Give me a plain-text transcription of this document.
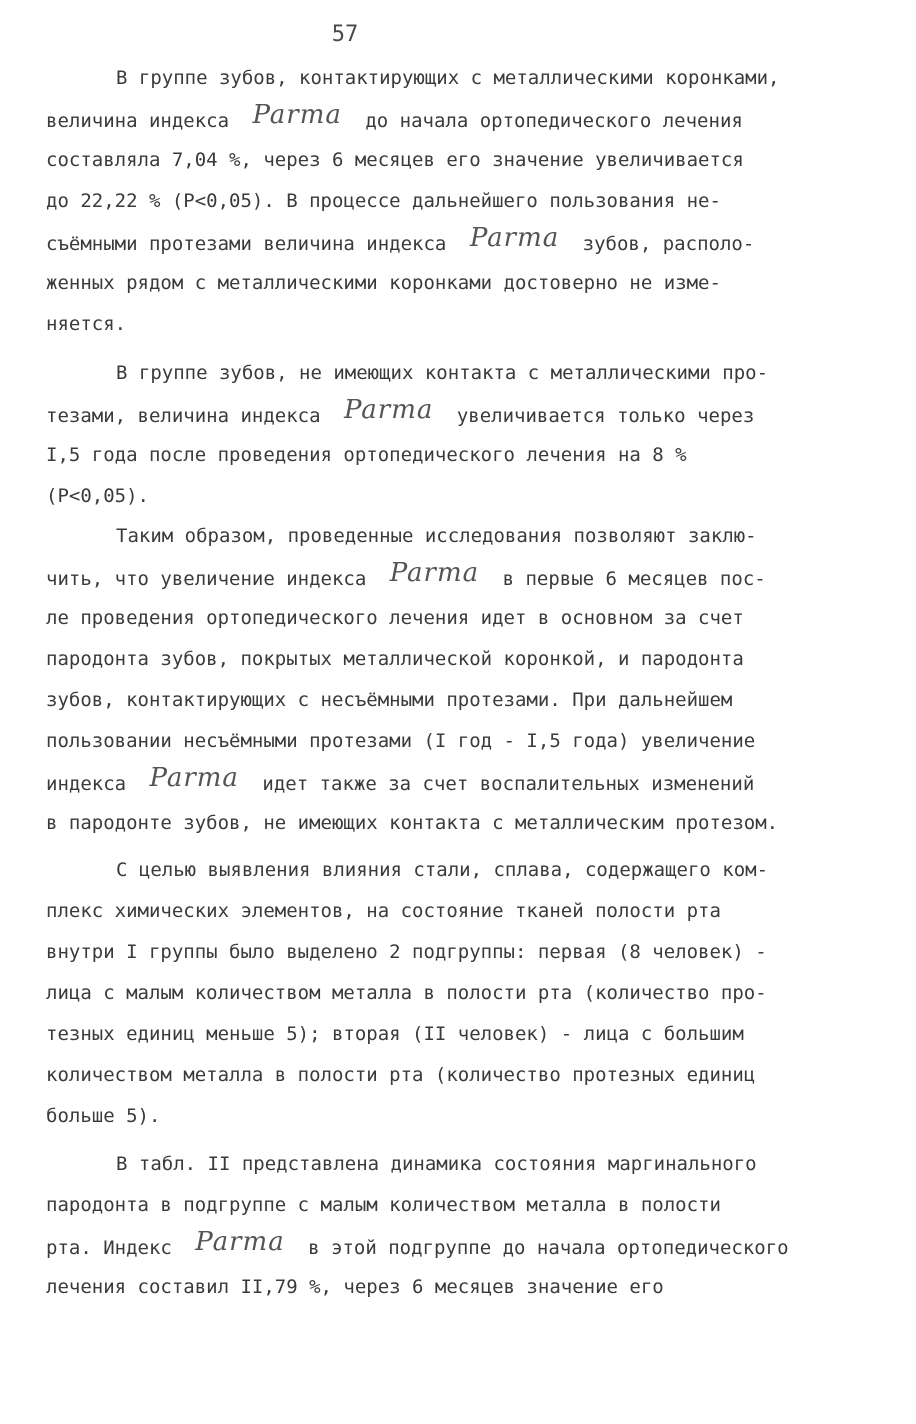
57
В группе зубов, контактирующих с металлическими коронками,
величина индекса Parma до начала ортопедического лечения
составляла 7,04 %, через 6 месяцев его значение увеличивается
до 22,22 % (P<0,05). В процессе дальнейшего пользования не-
съёмными протезами величина индекса Parma зубов, располо-
женных рядом с металлическими коронками достоверно не изме-
няется.
В группе зубов, не имеющих контакта с металлическими про-
тезами, величина индекса Parma увеличивается только через
I,5 года после проведения ортопедического лечения на 8 %
(P<0,05).
Таким образом, проведенные исследования позволяют заклю-
чить, что увеличение индекса Parma в первые 6 месяцев пос-
ле проведения ортопедического лечения идет в основном за счет
пародонта зубов, покрытых металлической коронкой, и пародонта
зубов, контактирующих с несъёмными протезами. При дальнейшем
пользовании несъёмными протезами (I год - I,5 года) увеличение
индекса Parma идет также за счет воспалительных изменений
в пародонте зубов, не имеющих контакта с металлическим протезом.
С целью выявления влияния стали, сплава, содержащего ком-
плекс химических элементов, на состояние тканей полости рта
внутри I группы было выделено 2 подгруппы: первая (8 человек) -
лица с малым количеством металла в полости рта (количество про-
тезных единиц меньше 5); вторая (II человек) - лица с большим
количеством металла в полости рта (количество протезных единиц
больше 5).
В табл. II представлена динамика состояния маргинального
пародонта в подгруппе с малым количеством металла в полости
рта. Индекс Parma в этой подгруппе до начала ортопедического
лечения составил II,79 %, через 6 месяцев значение его
